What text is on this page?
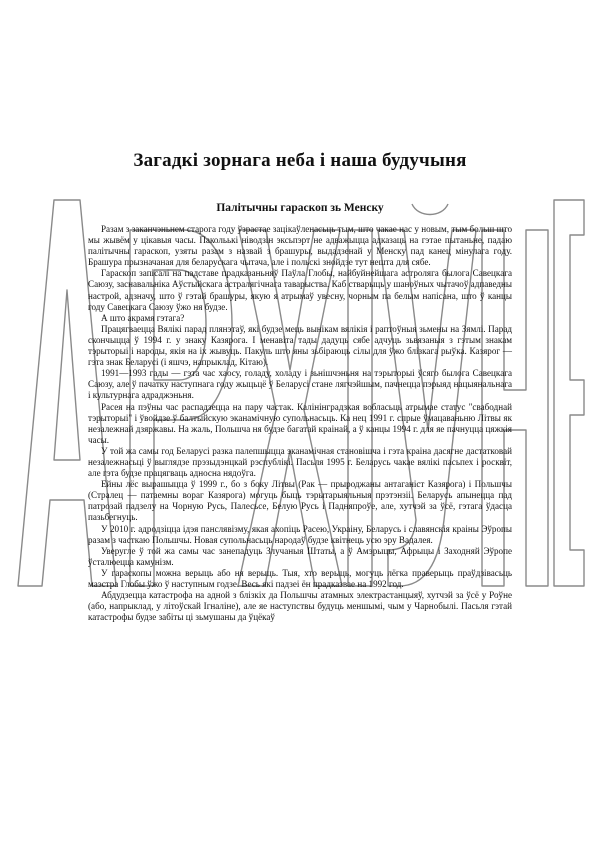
Загадкі зорнага неба і наша будучыня
Палітычны гараскоп зь Менску

Разам з заканчэньнем старога году ўзрастае зацікаўленасьць тым, што чакае нас у новым, тым больш што мы жывём у цікавыя часы. Пакольькі ніводзін эксьпэрт не адважыцца адказаць на гэтае пытаньне, падаю палітычны гараскоп, узяты разам з назвай з брашуры, выдадзенай у Менску пад канец мінулага году. Брашура прызначаная для беларускага чытача, але і польскі знойдзе тут нешта для сябе.

Гараскоп запісалі на падставе прадказаньняў Паўла Глобы, найбуйнейшага астроляга былога Савецкага Саюзу, заснавальніка Аўстыйскага астралягічнага таварыства. Каб стварыць у шаноўных чытачоў адпаведны настрой, адзначу, што ў гэтай брашуры, якую я атрымаў увесну, чорным па белым напісана, што ў канцы году Савецкага Саюзу ўжо ня будзе.

А што акрамя гэтага?

Працягваецца Вялікі парад плянэтаў, які будзе мець вынікам вялікія і раптоўныя зьмены на Зямлі. Парад скончыцца ў 1994 г. у знаку Казярога. І менавіта тады дадуць сябе адчуць зьвязаныя з гэтым знакам тэрыторыі і народы, якія на іх жывуць. Пакуль што яны зьбіраюць сілы для ўжо блізкага рыўка. Казярог — гэта знак Беларусі (і яшчэ, напрыклад, Кітаю).

1991—1993 гады — гэта час хаосу, голаду, холаду і зьнішчэньня на тэрыторыі ўсяго былога Савецкага Саюзу, але ў пачатку наступнага году жыцьцё ў Беларусі стане лягчэйшым, пачнецца пэрыяд нацыянальнага і культурнага адраджэньня.

Расея на пэўны час распадзецца на пару частак. Калінінградзкая вобласьць атрымае статус "свабоднай тэрыторыі" і ўвойдзе ў балтыйскую эканамічную супольнасьць. Ка нец 1991 г. спрые ўмацаваньню Літвы як незалежнай дзяржавы. На жаль, Польшча ня будзе багатай краінай, а ў канцы 1994 г. для яе пачнуцца цяжкія часы.

У той жа самы год Беларусі разка палепшыцца эканамічная становішча і гэта краіна дасягне дастатковай незалежнасьці ў выглядзе прэзыдэнцкай рэспублікі. Пасьля 1995 г. Беларусь чакае вялікі пасьпех і росквіт, але гэта будзе працягваць адносна нядоўга.

Ейны лёс вырашыцца ў 1999 г., бо з боку Літвы (Рак — прыроджаны антаганіст Казярога) і Польшчы (Стралец — патаемны вораг Казярога) могуць быць тэрытарыяльныя прэтэнзіі. Беларусь апынецца пад патрозай падзелу на Чорную Русь, Палесьсе, Белую Русь і Падняпроўе, але, хутчэй за ўсё, гэтага ўдасца пазьбегнуць.

У 2010 г. адродзіцца ідэя панслявізму, якая ахопіць Расею, Украіну, Беларусь і славянскія краіны Эўропы разам з часткаю Польшчы. Новая супольнасьць народаў будзе квітнець усю эру Вадалея.

Уверугле ў той жа самы час занепадуць Злучаныя Штаты, а ў Амэрыцы, Афрыцы і Заходняй Эўропе ўсталюецца камунізм.

У гараскопы можна верыць або ня верыць. Тыя, хто верыць, могуць лёгка праверыць праўдзівасьць маэстра Глобы ўжо ў наступным годзе. Весь які падзеі ён прадказвае на 1992 год.

Абдудзецца катастрофа на адной з блізкіх да Польшчы атамных электрастанцыяў, хутчэй за ўсё у Роўне (або, напрыклад, у літоўскай Ігналіне), але яе наступствы будуць меншымі, чым у Чарнобылі. Пасьля гэтай катастрофы будзе забіты ці зьмушаны да ўцёкаў
